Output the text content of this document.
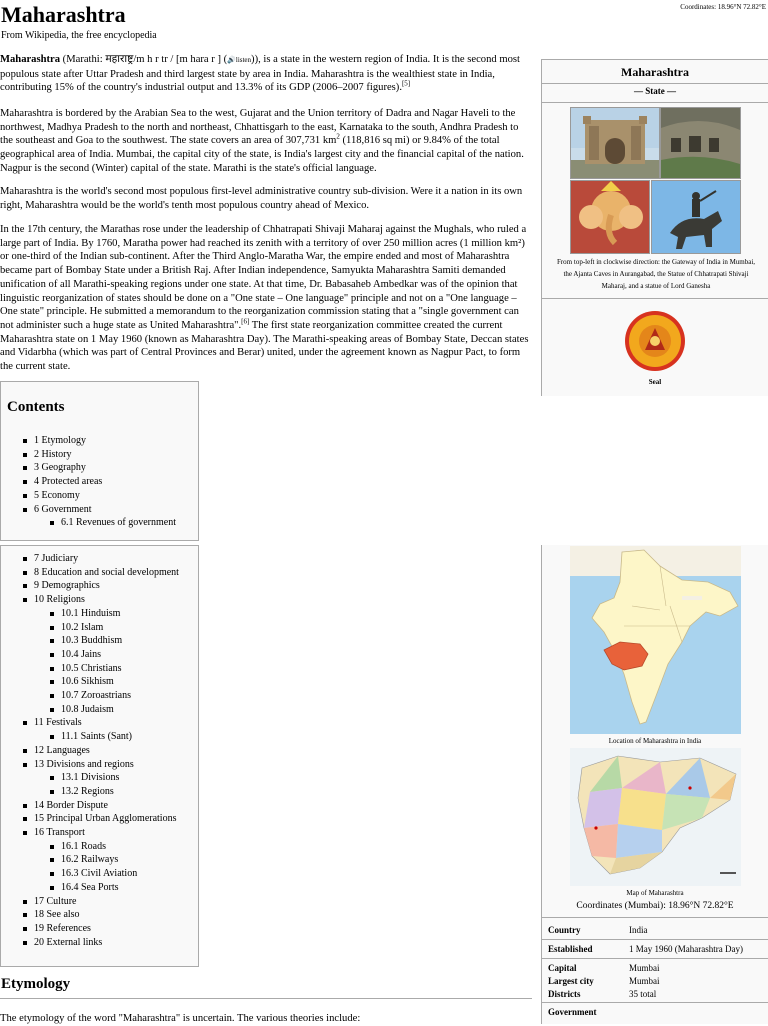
Maharashtra
From Wikipedia, the free encyclopedia
Coordinates: 18.96°N 72.82°E

Maharashtra (Marathi: महाराष्ट्र/m h r tr / [m hara r ] (🔊listen)), is a state in the western region of India. It is the second most populous state after Uttar Pradesh and third largest state by area in India. Maharashtra is the wealthiest state in India, contributing 15% of the country's industrial output and 13.3% of its GDP (2006–2007 figures).[5]

Maharashtra is bordered by the Arabian Sea to the west, Gujarat and the Union territory of Dadra and Nagar Haveli to the northwest, Madhya Pradesh to the north and northeast, Chhattisgarh to the east, Karnataka to the south, Andhra Pradesh to the southeast and Goa to the southwest. The state covers an area of 307,731 $km^2$ (118,816 sq mi) or 9.84% of the total geographical area of India. Mumbai, the capital city of the state, is India's largest city and the financial capital of the nation. Nagpur is the second (Winter) capital of the state. Marathi is the state's official language.

Maharashtra is the world's second most populous first-level administrative country sub-division. Were it a nation in its own right, Maharashtra would be the world's tenth most populous country ahead of Mexico.

In the 17th century, the Marathas rose under the leadership of Chhatrapati Shivaji Maharaj against the Mughals, who ruled a large part of India. By 1760, Maratha power had reached its zenith with a territory of over 250 million acres (1 million km²) or one-third of the Indian sub-continent. After the Third Anglo-Maratha War, the empire ended and most of Maharashtra became part of Bombay State under a British Raj. After Indian independence, Samyukta Maharashtra Samiti demanded unification of all Marathi-speaking regions under one state. At that time, Dr. Babasaheb Ambedkar was of the opinion that linguistic reorganization of states should be done on a "One state – One language" principle and not on a "One language – One state" principle. He submitted a memorandum to the reorganization commission stating that a "single government can not administer such a huge state as United Maharashtra".[6] The first state reorganization committee created the current Maharashtra state on 1 May 1960 (known as Maharashtra Day). The Marathi-speaking areas of Bombay State, Deccan states and Vidarbha (which was part of Central Provinces and Berar) united, under the agreement known as Nagpur Pact, to form the current state.

Contents
1 Etymology
2 History
3 Geography
4 Protected areas
5 Economy
6 Government
6.1 Revenues of government
7 Judiciary
8 Education and social development
9 Demographics
10 Religions
10.1 Hinduism
10.2 Islam
10.3 Buddhism
10.4 Jains
10.5 Christians
10.6 Sikhism
10.7 Zoroastrians
10.8 Judaism
11 Festivals
11.1 Saints (Sant)
12 Languages
13 Divisions and regions
13.1 Divisions
13.2 Regions
14 Border Dispute
15 Principal Urban Agglomerations
16 Transport
16.1 Roads
16.2 Railways
16.3 Civil Aviation
16.4 Sea Ports
17 Culture
18 See also
19 References
20 External links
Etymology

The etymology of the word "Maharashtra" is uncertain. The various theories include:

Maharashtra
— State —
From top-left in clockwise direction: the Gateway of India in Mumbai, the Ajanta Caves in Aurangabad, the Statue of Chhatrapati Shivaji Maharaj, and a statue of Lord Ganesha
Seal
Location of Maharashtra in India
Map of Maharashtra
Coordinates (Mumbai): 18.96°N 72.82°E
Country	India
Established	1 May 1960 (Maharashtra Day)
Capital	Mumbai
Largest city	Mumbai
Districts	35 total
Government
